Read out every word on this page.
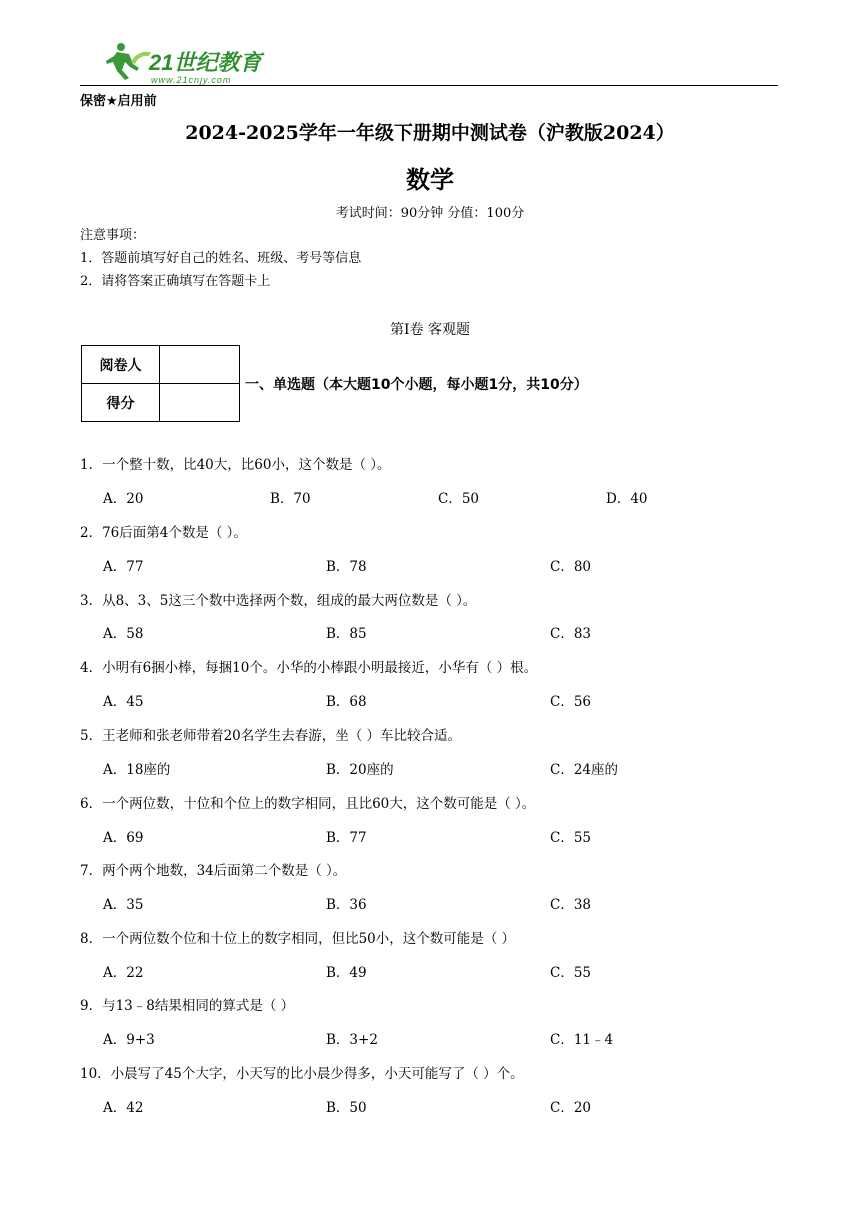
21世纪教育
www.21cnjy.com
保密★启用前
2024-2025学年一年级下册期中测试卷（沪教版2024）
数学
考试时间：90分钟 分值：100分
注意事项：
1．答题前填写好自己的姓名、班级、考号等信息
2．请将答案正确填写在答题卡上
第Ⅰ卷 客观题
阅卷人	
得分	
一、单选题（本大题10个小题，每小题1分，共10分）
1．一个整十数，比40大，比60小，这个数是（ ）。
A．20	B．70	C．50	D．40
2．76后面第4个数是（ ）。
A．77	B．78	C．80
3．从8、3、5这三个数中选择两个数，组成的最大两位数是（ ）。
A．58	B．85	C．83
4．小明有6捆小棒，每捆10个。小华的小棒跟小明最接近，小华有（ ）根。
A．45	B．68	C．56
5．王老师和张老师带着20名学生去春游，坐（ ）车比较合适。
A．18座的	B．20座的	C．24座的
6．一个两位数，十位和个位上的数字相同，且比60大，这个数可能是（ ）。
A．69	B．77	C．55
7．两个两个地数，34后面第二个数是（ ）。
A．35	B．36	C．38
8．一个两位数个位和十位上的数字相同，但比50小，这个数可能是（ ）
A．22	B．49	C．55
9．与13﹣8结果相同的算式是（ ）
A．9+3	B．3+2	C．11﹣4
10．小晨写了45个大字，小天写的比小晨少得多，小天可能写了（ ）个。
A．42	B．50	C．20
